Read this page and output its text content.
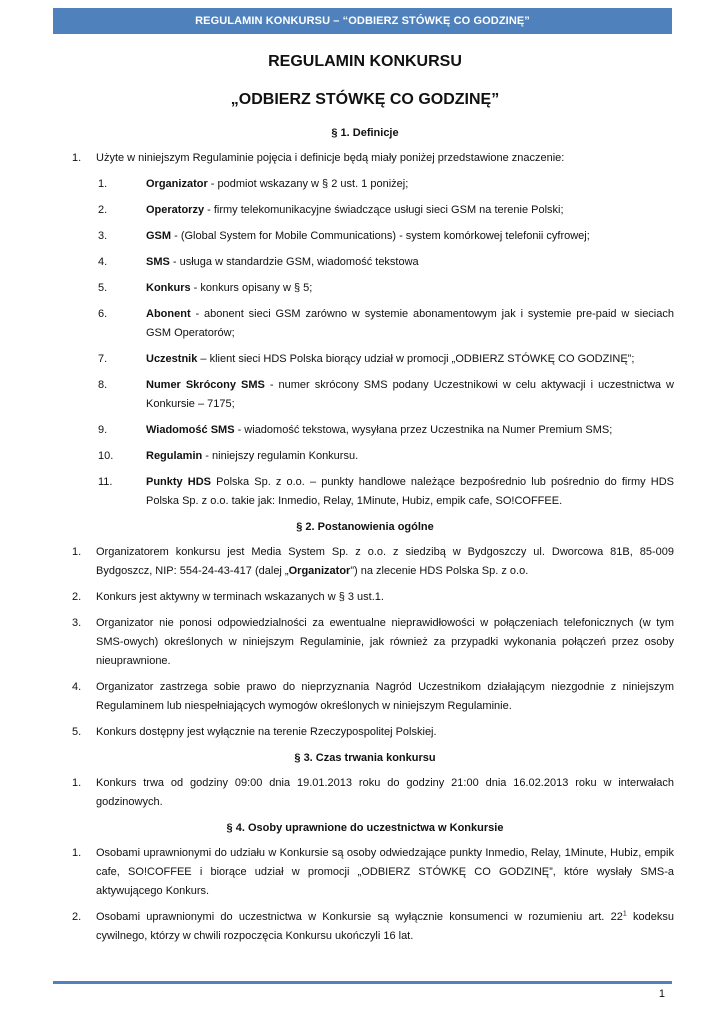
REGULAMIN KONKURSU – “ODBIERZ STÓWKĘ CO GODZINĘ”
REGULAMIN KONKURSU
„ODBIERZ STÓWKĘ CO GODZINĘ”
§ 1. Definicje
1. Użyte w niniejszym Regulaminie pojęcia i definicje będą miały poniżej przedstawione znaczenie:
1.	Organizator - podmiot wskazany w § 2 ust. 1 poniżej;
2.	Operatorzy - firmy telekomunikacyjne świadczące usługi sieci GSM na terenie Polski;
3.	GSM - (Global System for Mobile Communications) - system komórkowej telefonii cyfrowej;
4.	SMS - usługa w standardzie GSM, wiadomość tekstowa
5.	Konkurs - konkurs opisany w § 5;
6.	Abonent - abonent sieci GSM zarówno w systemie abonamentowym jak i systemie pre-paid w sieciach GSM Operatorów;
7.	Uczestnik – klient sieci HDS Polska biorący udział w promocji „ODBIERZ STÓWKĘ CO GODZINĘ”;
8.	Numer Skrócony SMS - numer skrócony SMS podany Uczestnikowi w celu aktywacji i uczestnictwa w Konkursie – 7175;
9.	Wiadomość SMS - wiadomość tekstowa, wysyłana przez Uczestnika na Numer Premium SMS;
10.	Regulamin - niniejszy regulamin Konkursu.
11.	Punkty HDS Polska Sp. z o.o. – punkty handlowe należące bezpośrednio lub pośrednio do firmy HDS Polska Sp. z o.o. takie jak: Inmedio, Relay, 1Minute, Hubiz, empik cafe, SO!COFFEE.
§ 2. Postanowienia ogólne
1. Organizatorem konkursu jest Media System Sp. z o.o. z siedzibą w Bydgoszczy ul. Dworcowa 81B, 85-009 Bydgoszcz, NIP: 554-24-43-417 (dalej „Organizator”) na zlecenie HDS Polska Sp. z o.o.
2. Konkurs jest aktywny w terminach wskazanych w § 3 ust.1.
3. Organizator nie ponosi odpowiedzialności za ewentualne nieprawidłowości w połączeniach telefonicznych (w tym SMS-owych) określonych w niniejszym Regulaminie, jak również za przypadki wykonania połączeń przez osoby nieuprawnione.
4. Organizator zastrzega sobie prawo do nieprzyznania Nagród Uczestnikom działającym niezgodnie z niniejszym Regulaminem lub niespełniających wymogów określonych w niniejszym Regulaminie.
5. Konkurs dostępny jest wyłącznie na terenie Rzeczypospolitej Polskiej.
§ 3. Czas trwania konkursu
1. Konkurs trwa od godziny 09:00 dnia 19.01.2013 roku do godziny 21:00 dnia 16.02.2013 roku w interwałach godzinowych.
§ 4. Osoby uprawnione do uczestnictwa w Konkursie
1. Osobami uprawnionymi do udziału w Konkursie są osoby odwiedzające punkty Inmedio, Relay, 1Minute, Hubiz, empik cafe, SO!COFFEE i biorące udział w promocji „ODBIERZ STÓWKĘ CO GODZINĘ”, które wysłały SMS-a aktywującego Konkurs.
2. Osobami uprawnionymi do uczestnictwa w Konkursie są wyłącznie konsumenci w rozumieniu art. $22^1$ kodeksu cywilnego, którzy w chwili rozpoczęcia Konkursu ukończyli 16 lat.
1
